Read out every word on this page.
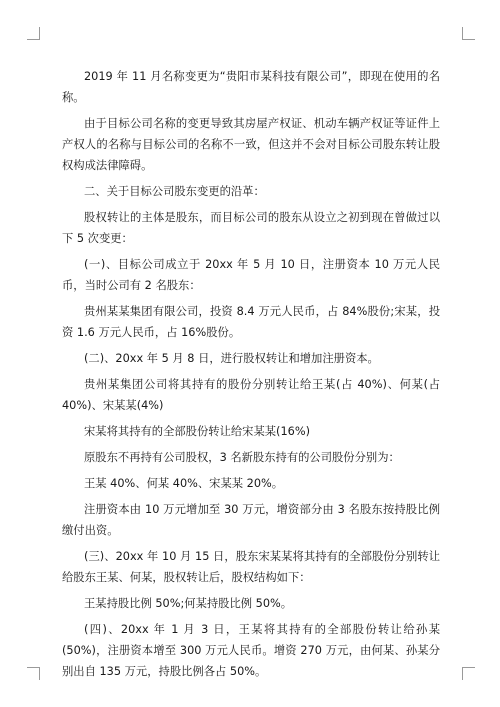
2019 年 11 月名称变更为“贵阳市某科技有限公司”，即现在使用的名称。

由于目标公司名称的变更导致其房屋产权证、机动车辆产权证等证件上产权人的名称与目标公司的名称不一致，但这并不会对目标公司股东转让股权构成法律障碍。

二、关于目标公司股东变更的沿革：

股权转让的主体是股东，而目标公司的股东从设立之初到现在曾做过以下 5 次变更：

(一)、目标公司成立于 20xx 年 5 月 10 日，注册资本 10 万元人民币，当时公司有 2 名股东：

贵州某某集团有限公司，投资 8.4 万元人民币，占 84%股份;宋某，投资 1.6 万元人民币，占 16%股份。

(二)、20xx 年 5 月 8 日，进行股权转让和增加注册资本。

贵州某集团公司将其持有的股份分别转让给王某(占 40%)、何某(占 40%)、宋某某(4%)

宋某将其持有的全部股份转让给宋某某(16%)

原股东不再持有公司股权，3 名新股东持有的公司股份分别为：

王某 40%、何某 40%、宋某某 20%。

注册资本由 10 万元增加至 30 万元，增资部分由 3 名股东按持股比例缴付出资。

(三)、20xx 年 10 月 15 日，股东宋某某将其持有的全部股份分别转让给股东王某、何某，股权转让后，股权结构如下：

王某持股比例 50%;何某持股比例 50%。

(四)、20xx 年 1 月 3 日，王某将其持有的全部股份转让给孙某(50%)，注册资本增至 300 万元人民币。增资 270 万元，由何某、孙某分别出自 135 万元，持股比例各占 50%。
